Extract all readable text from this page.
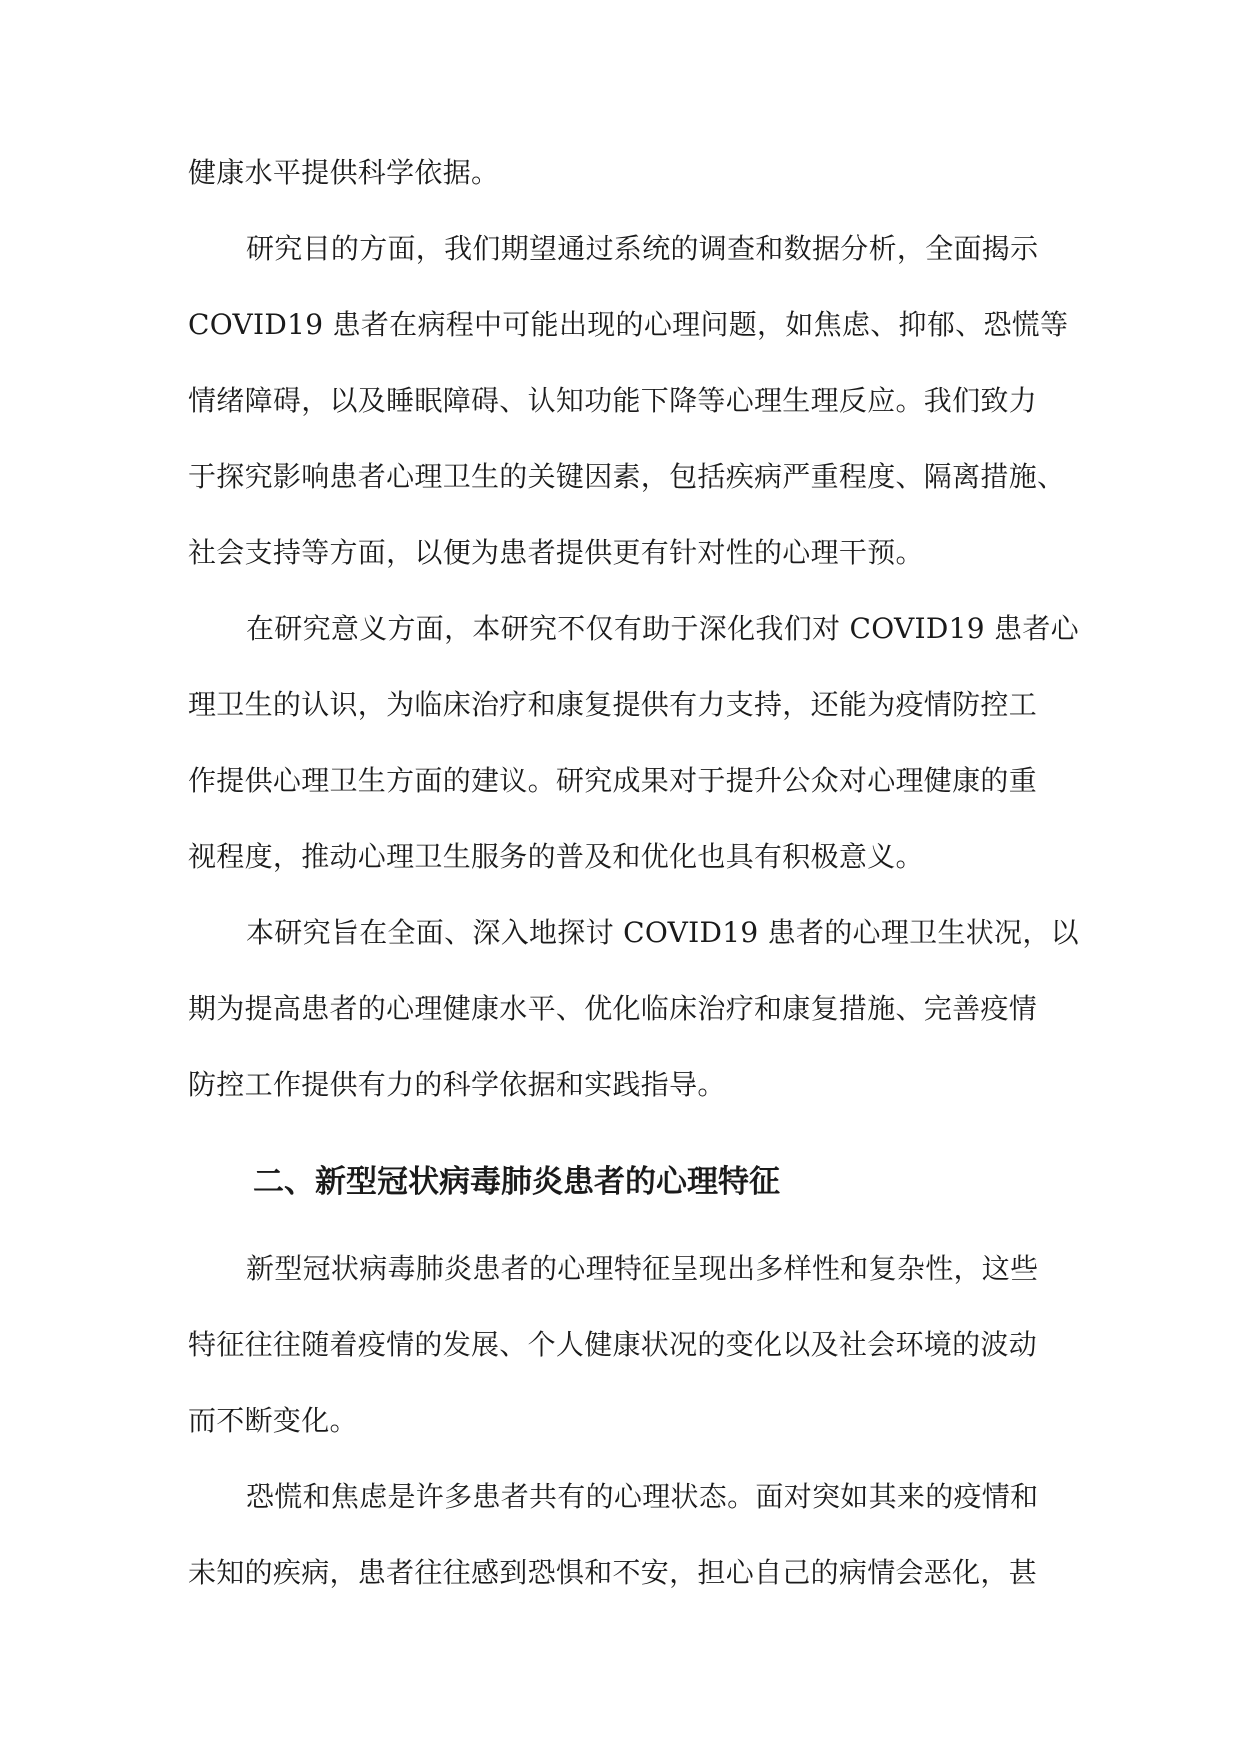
健康水平提供科学依据。
研究目的方面，我们期望通过系统的调查和数据分析，全面揭示
COVID19 患者在病程中可能出现的心理问题，如焦虑、抑郁、恐慌等
情绪障碍，以及睡眠障碍、认知功能下降等心理生理反应。我们致力
于探究影响患者心理卫生的关键因素，包括疾病严重程度、隔离措施、
社会支持等方面，以便为患者提供更有针对性的心理干预。
在研究意义方面，本研究不仅有助于深化我们对 COVID19 患者心
理卫生的认识，为临床治疗和康复提供有力支持，还能为疫情防控工
作提供心理卫生方面的建议。研究成果对于提升公众对心理健康的重
视程度，推动心理卫生服务的普及和优化也具有积极意义。
本研究旨在全面、深入地探讨 COVID19 患者的心理卫生状况，以
期为提高患者的心理健康水平、优化临床治疗和康复措施、完善疫情
防控工作提供有力的科学依据和实践指导。
二、新型冠状病毒肺炎患者的心理特征
新型冠状病毒肺炎患者的心理特征呈现出多样性和复杂性，这些
特征往往随着疫情的发展、个人健康状况的变化以及社会环境的波动
而不断变化。
恐慌和焦虑是许多患者共有的心理状态。面对突如其来的疫情和
未知的疾病，患者往往感到恐惧和不安，担心自己的病情会恶化，甚
